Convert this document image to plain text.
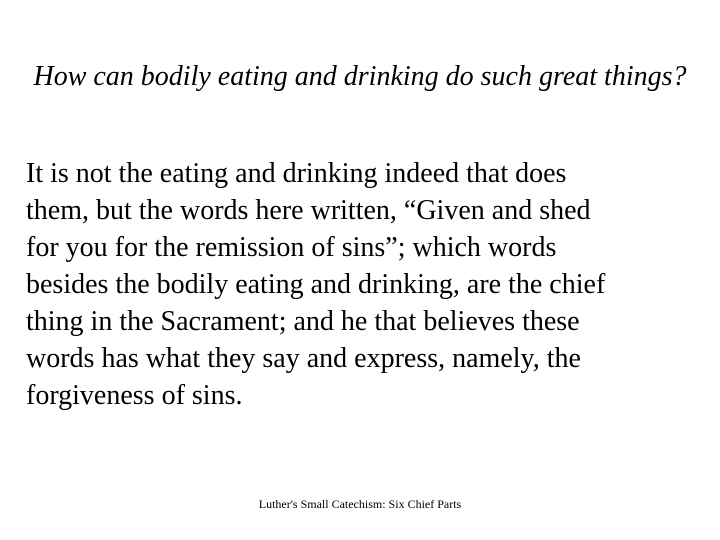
How can bodily eating and drinking do such great things?

It is not the eating and drinking indeed that does
them, but the words here written, “Given and shed
for you for the remission of sins”; which words
besides the bodily eating and drinking, are the chief
thing in the Sacrament; and he that believes these
words has what they say and express, namely, the
forgiveness of sins.

Luther's Small Catechism: Six Chief Parts
